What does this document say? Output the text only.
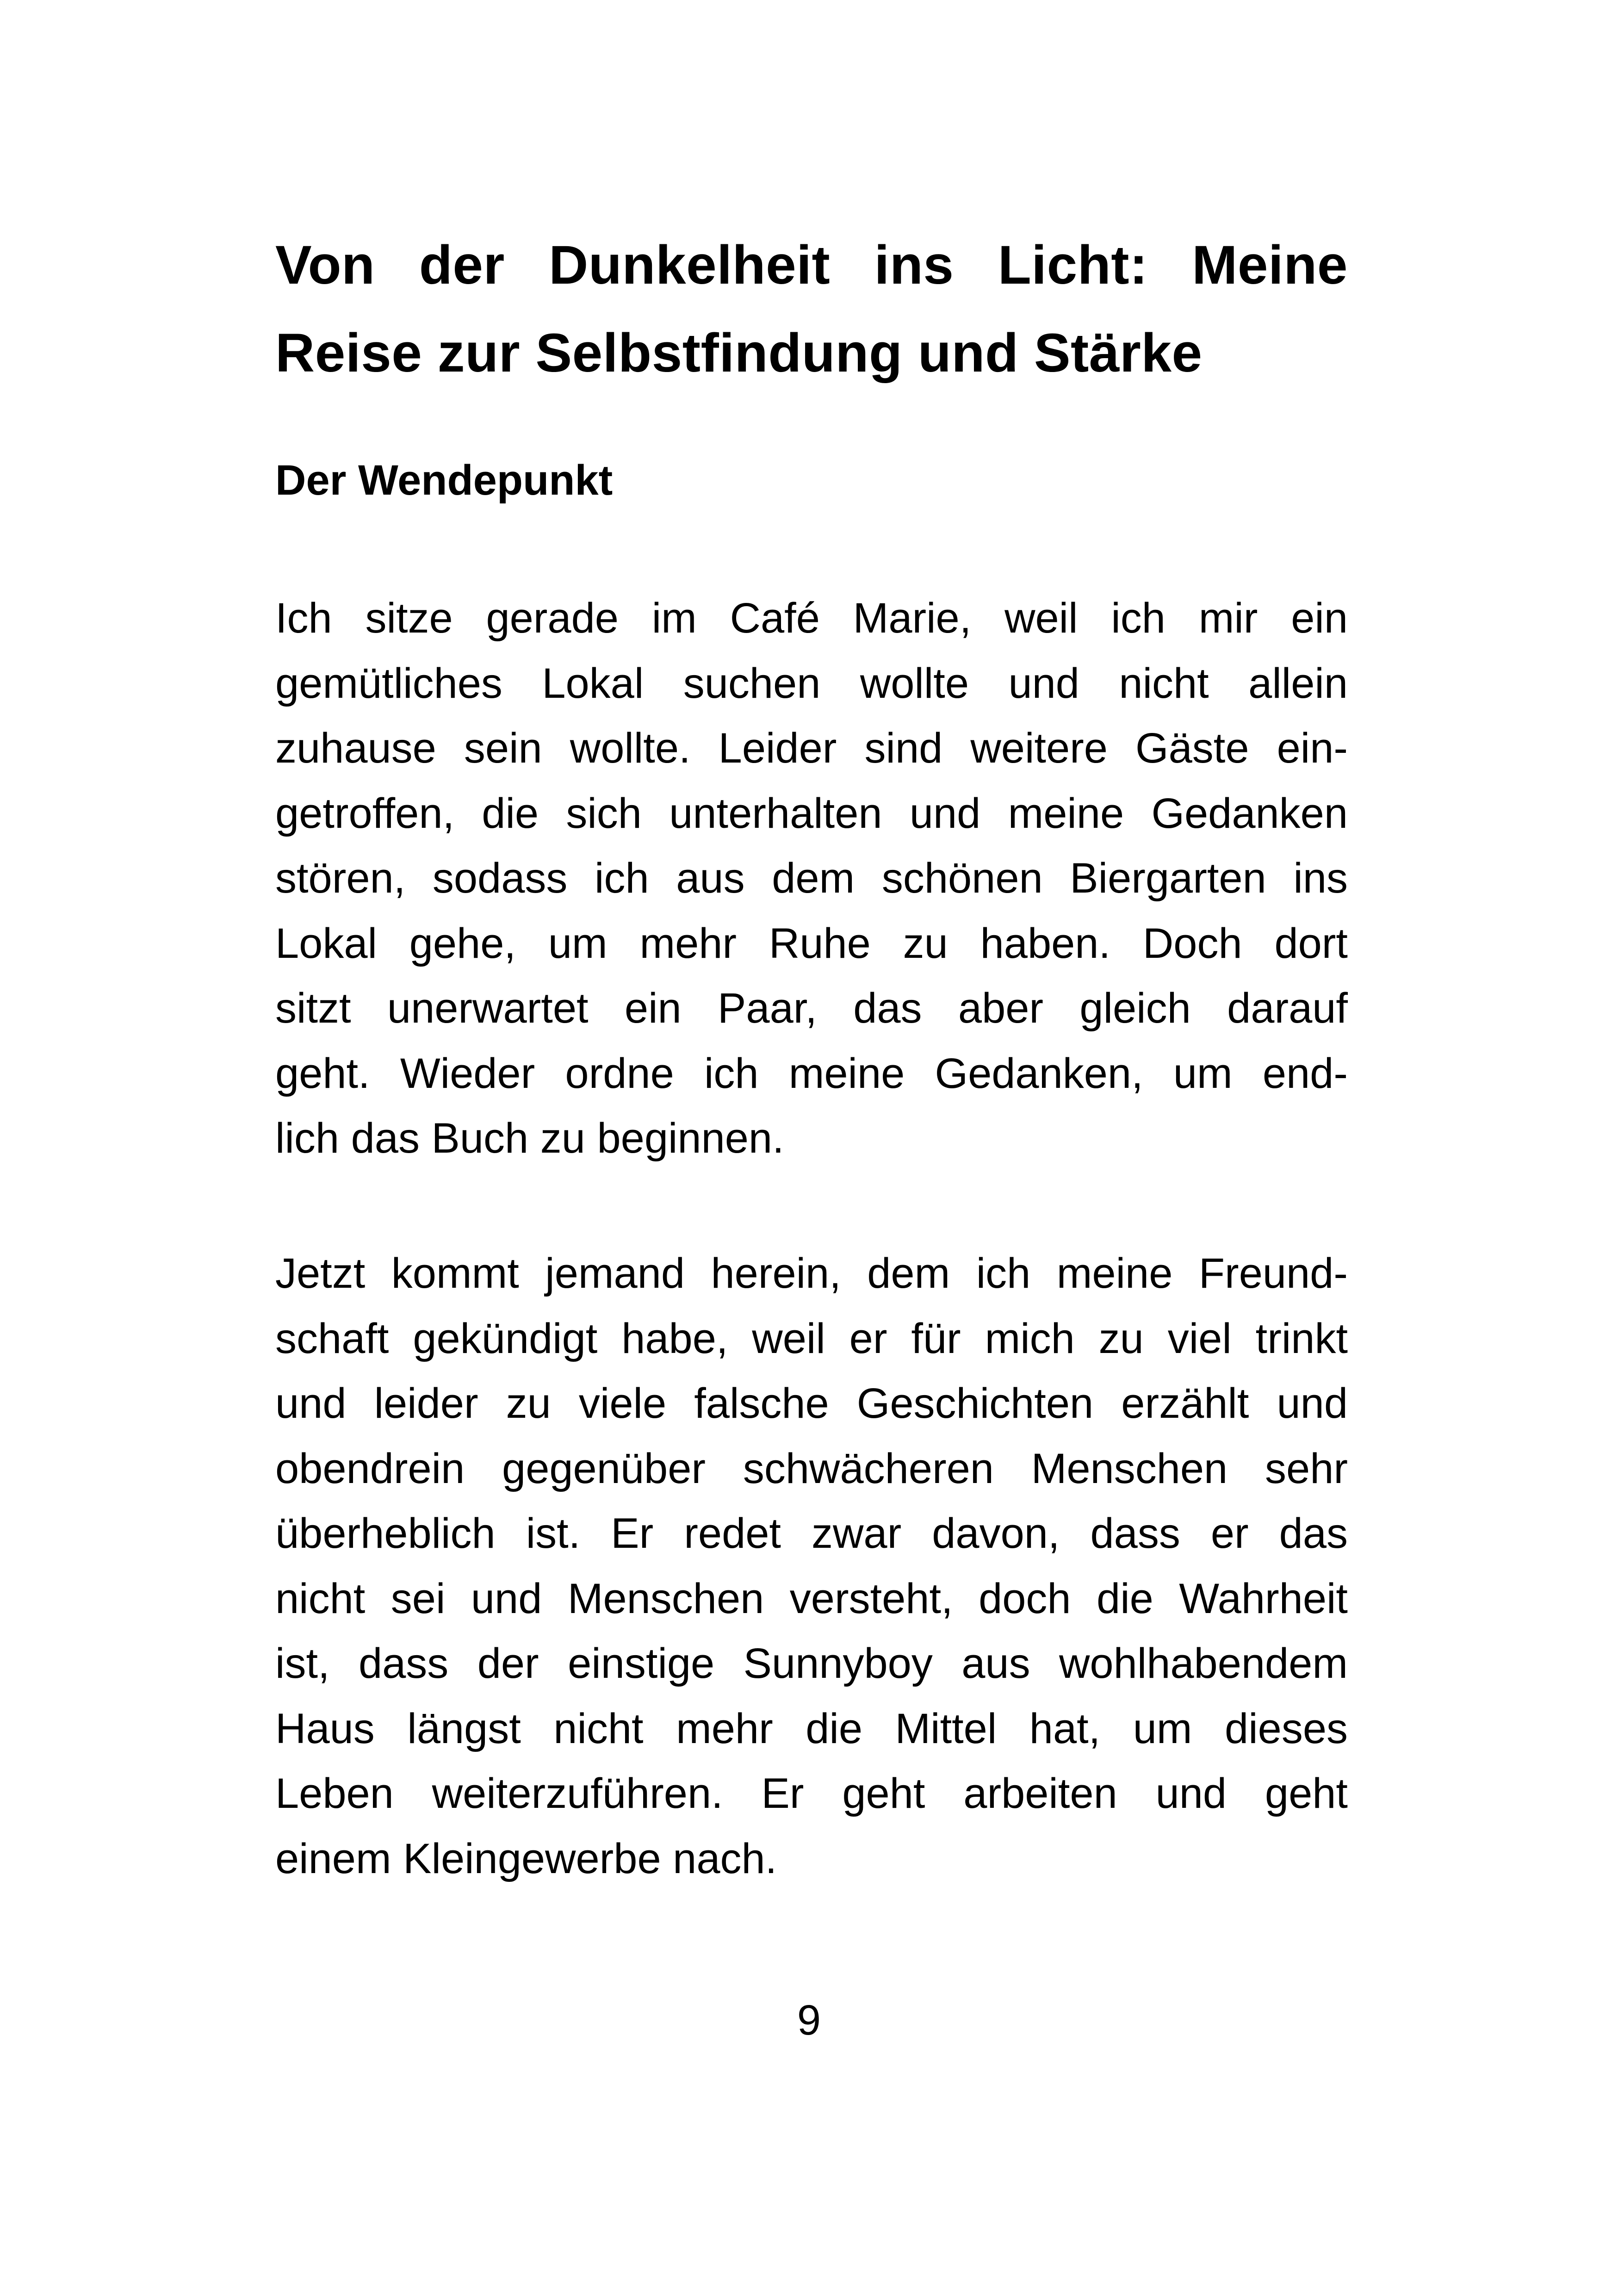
Von der Dunkelheit ins Licht: Meine
Reise zur Selbstfindung und Stärke
Der Wendepunkt

Ich sitze gerade im Café Marie, weil ich mir ein
gemütliches Lokal suchen wollte und nicht allein
zuhause sein wollte. Leider sind weitere Gäste ein-
getroffen, die sich unterhalten und meine Gedanken
stören, sodass ich aus dem schönen Biergarten ins
Lokal gehe, um mehr Ruhe zu haben. Doch dort
sitzt unerwartet ein Paar, das aber gleich darauf
geht. Wieder ordne ich meine Gedanken, um end-
lich das Buch zu beginnen.

Jetzt kommt jemand herein, dem ich meine Freund-
schaft gekündigt habe, weil er für mich zu viel trinkt
und leider zu viele falsche Geschichten erzählt und
obendrein gegenüber schwächeren Menschen sehr
überheblich ist. Er redet zwar davon, dass er das
nicht sei und Menschen versteht, doch die Wahrheit
ist, dass der einstige Sunnyboy aus wohlhabendem
Haus längst nicht mehr die Mittel hat, um dieses
Leben weiterzuführen. Er geht arbeiten und geht
einem Kleingewerbe nach.

9
